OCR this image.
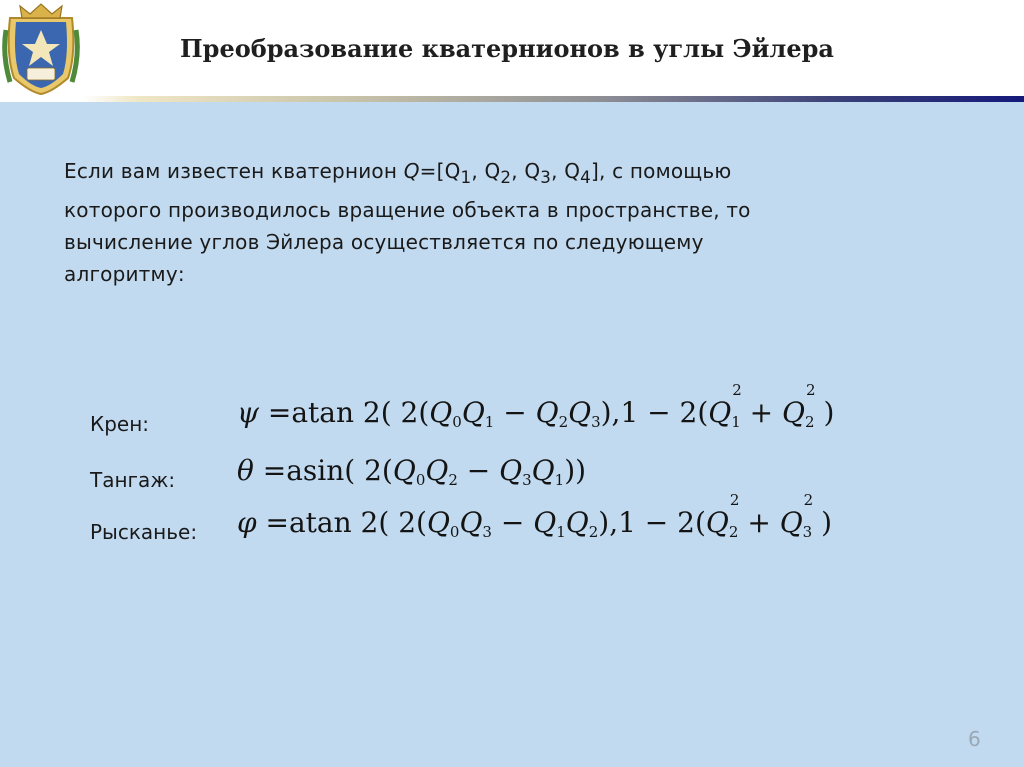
Преобразование кватернионов в углы Эйлера
Если вам известен кватернион $Q=[Q_1$, $Q_2$, $Q_3$, $Q_4$], с помощью
которого производилось вращение объекта в пространстве, то
вычисление углов Эйлера осуществляется по следующему
алгоритму:
Крен:	ψ =atan 2( $2(Q_0Q_1 - Q_2Q_3),1 - 2(Q$
2
$_1$ + Q
2
$_2$ )
Тангаж: θ =asin( $2(Q_0Q_2 - Q_3Q_1)$)
Рысканье: φ =atan 2( $2(Q_0Q_3 - Q_1Q_2),1 - 2(Q$
2
$_2$ + Q
2
$_3$ )
6
